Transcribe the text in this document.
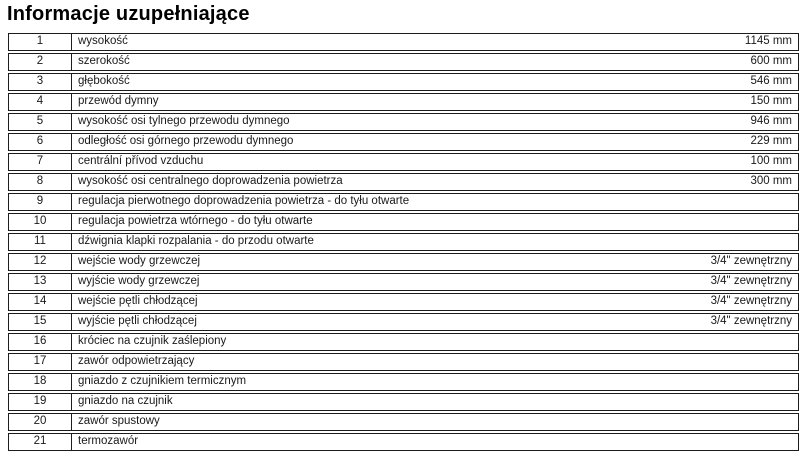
Informacje uzupełniające
1	wysokość	1145 mm
2	szerokość	600 mm
3	głębokość	546 mm
4	przewód dymny	150 mm
5	wysokość osi tylnego przewodu dymnego	946 mm
6	odległość osi górnego przewodu dymnego	229 mm
7	centrální přívod vzduchu	100 mm
8	wysokość osi centralnego doprowadzenia powietrza	300 mm
9	regulacja pierwotnego doprowadzenia powietrza - do tyłu otwarte
10	regulacja powietrza wtórnego - do tyłu otwarte
11	dźwignia klapki rozpalania - do przodu otwarte
12	wejście wody grzewczej	3/4" zewnętrzny
13	wyjście wody grzewczej	3/4" zewnętrzny
14	wejście pętli chłodzącej	3/4" zewnętrzny
15	wyjście pętli chłodzącej	3/4" zewnętrzny
16	króciec na czujnik zaślepiony
17	zawór odpowietrzający
18	gniazdo z czujnikiem termicznym
19	gniazdo na czujnik
20	zawór spustowy
21	termozawór
